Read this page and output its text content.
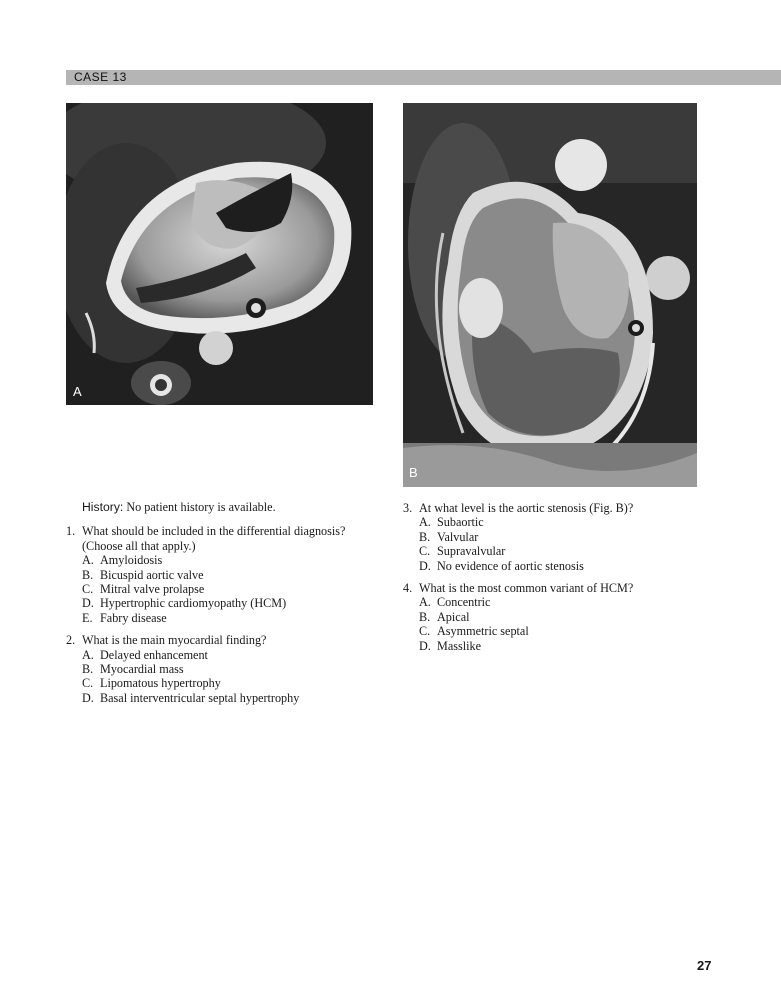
CASE 13
A
B
History: No patient history is available.
1. What should be included in the differential diagnosis? (Choose all that apply.)
A. Amyloidosis
B. Bicuspid aortic valve
C. Mitral valve prolapse
D. Hypertrophic cardiomyopathy (HCM)
E. Fabry disease
2. What is the main myocardial finding?
A. Delayed enhancement
B. Myocardial mass
C. Lipomatous hypertrophy
D. Basal interventricular septal hypertrophy
3. At what level is the aortic stenosis (Fig. B)?
A. Subaortic
B. Valvular
C. Supravalvular
D. No evidence of aortic stenosis
4. What is the most common variant of HCM?
A. Concentric
B. Apical
C. Asymmetric septal
D. Masslike
27
